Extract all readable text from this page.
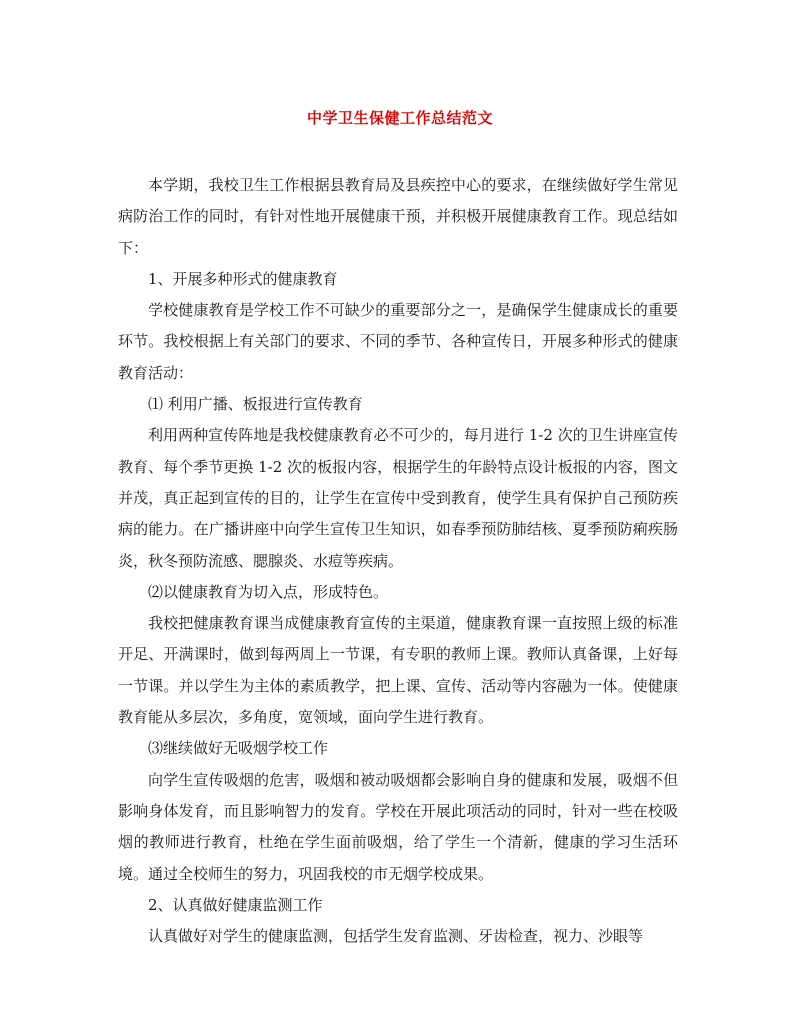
中学卫生保健工作总结范文

本学期，我校卫生工作根据县教育局及县疾控中心的要求，在继续做好学生常见病防治工作的同时，有针对性地开展健康干预，并积极开展健康教育工作。现总结如下：

1、开展多种形式的健康教育

学校健康教育是学校工作不可缺少的重要部分之一，是确保学生健康成长的重要环节。我校根据上有关部门的要求、不同的季节、各种宣传日，开展多种形式的健康教育活动：

⑴ 利用广播、板报进行宣传教育

利用两种宣传阵地是我校健康教育必不可少的，每月进行 1-2 次的卫生讲座宣传教育、每个季节更换 1-2 次的板报内容，根据学生的年龄特点设计板报的内容，图文并茂，真正起到宣传的目的，让学生在宣传中受到教育，使学生具有保护自己预防疾病的能力。在广播讲座中向学生宣传卫生知识，如春季预防肺结核、夏季预防痢疾肠炎，秋冬预防流感、腮腺炎、水痘等疾病。

⑵以健康教育为切入点，形成特色。

我校把健康教育课当成健康教育宣传的主渠道，健康教育课一直按照上级的标准开足、开满课时，做到每两周上一节课，有专职的教师上课。教师认真备课，上好每一节课。并以学生为主体的素质教学，把上课、宣传、活动等内容融为一体。使健康教育能从多层次，多角度，宽领域，面向学生进行教育。

⑶继续做好无吸烟学校工作

向学生宣传吸烟的危害，吸烟和被动吸烟都会影响自身的健康和发展，吸烟不但影响身体发育，而且影响智力的发育。学校在开展此项活动的同时，针对一些在校吸烟的教师进行教育，杜绝在学生面前吸烟，给了学生一个清新，健康的学习生活环境。通过全校师生的努力，巩固我校的市无烟学校成果。

2、认真做好健康监测工作

认真做好对学生的健康监测，包括学生发育监测、牙齿检查，视力、沙眼等
